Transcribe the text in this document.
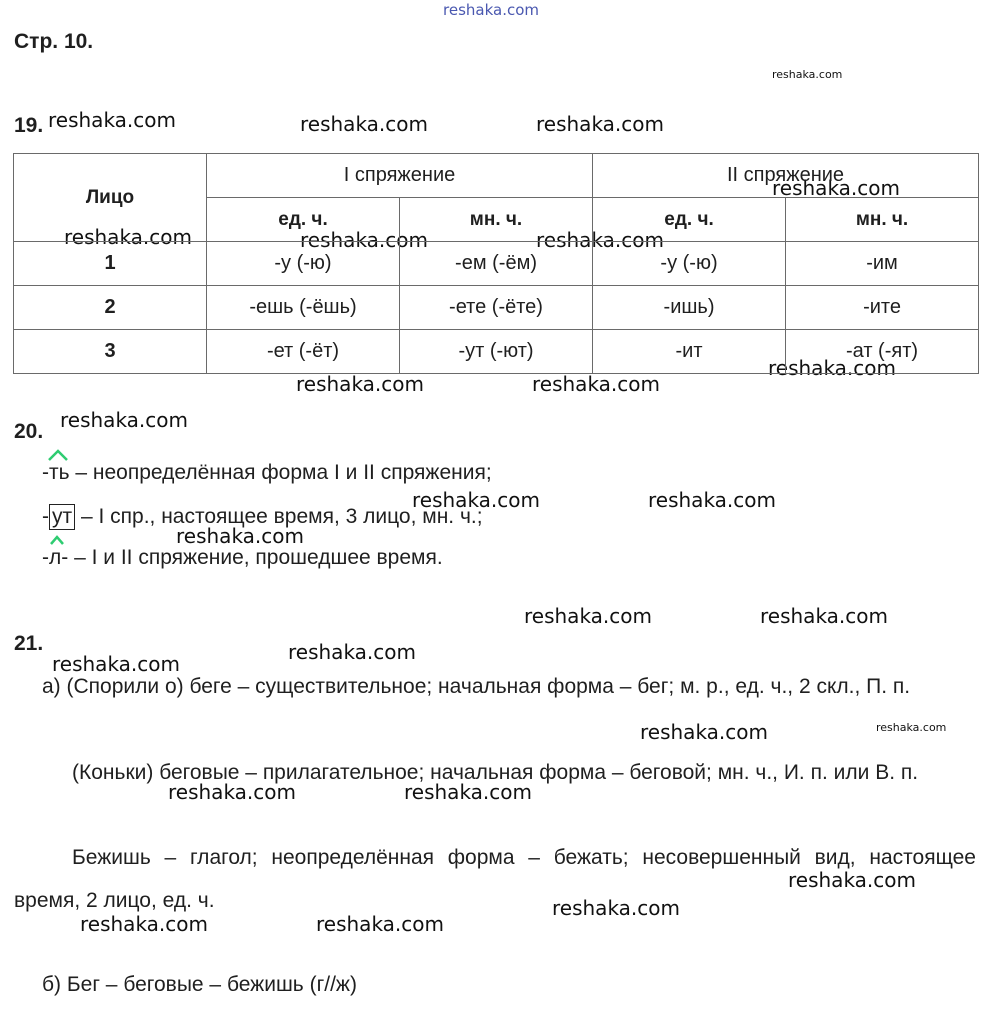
reshaka.com
reshaka.com
reshaka.com	reshaka.com	reshaka.com
reshaka.com
reshaka.com	reshaka.com	reshaka.com
reshaka.com
reshaka.com	reshaka.com
reshaka.com
reshaka.com	reshaka.com
reshaka.com
reshaka.com	reshaka.com
reshaka.com
reshaka.com
reshaka.com	reshaka.com
reshaka.com	reshaka.com
reshaka.com
reshaka.com
reshaka.com	reshaka.com
Стр. 10.
19.
Лицо	I спряжение		II спряжение	
	ед. ч.	мн. ч.	ед. ч.	мн. ч.
1	-у (-ю)	-ем (-ём)	-у (-ю)	-им
2	-ешь (-ёшь)	-ете (-ёте)	-ишь)	-ите
3	-ет (-ёт)	-ут (-ют)	-ит	-ат (-ят)
20.
-
ть – неопределённая форма I и II спряжения;
- ут – I спр., настоящее время, 3 лицо, мн. ч.;
-
л- – I и II спряжение, прошедшее время.
21.
а) (Спорили о) беге – существительное; начальная форма – бег; м. р., ед. ч., 2 скл., П. п.
(Коньки) беговые – прилагательное; начальная форма – беговой; мн. ч., И. п. или В. п.
Бежишь – глагол; неопределённая форма – бежать; несовершенный вид, настоящее время, 2 лицо, ед. ч.
б) Бег – беговые – бежишь (г//ж)
